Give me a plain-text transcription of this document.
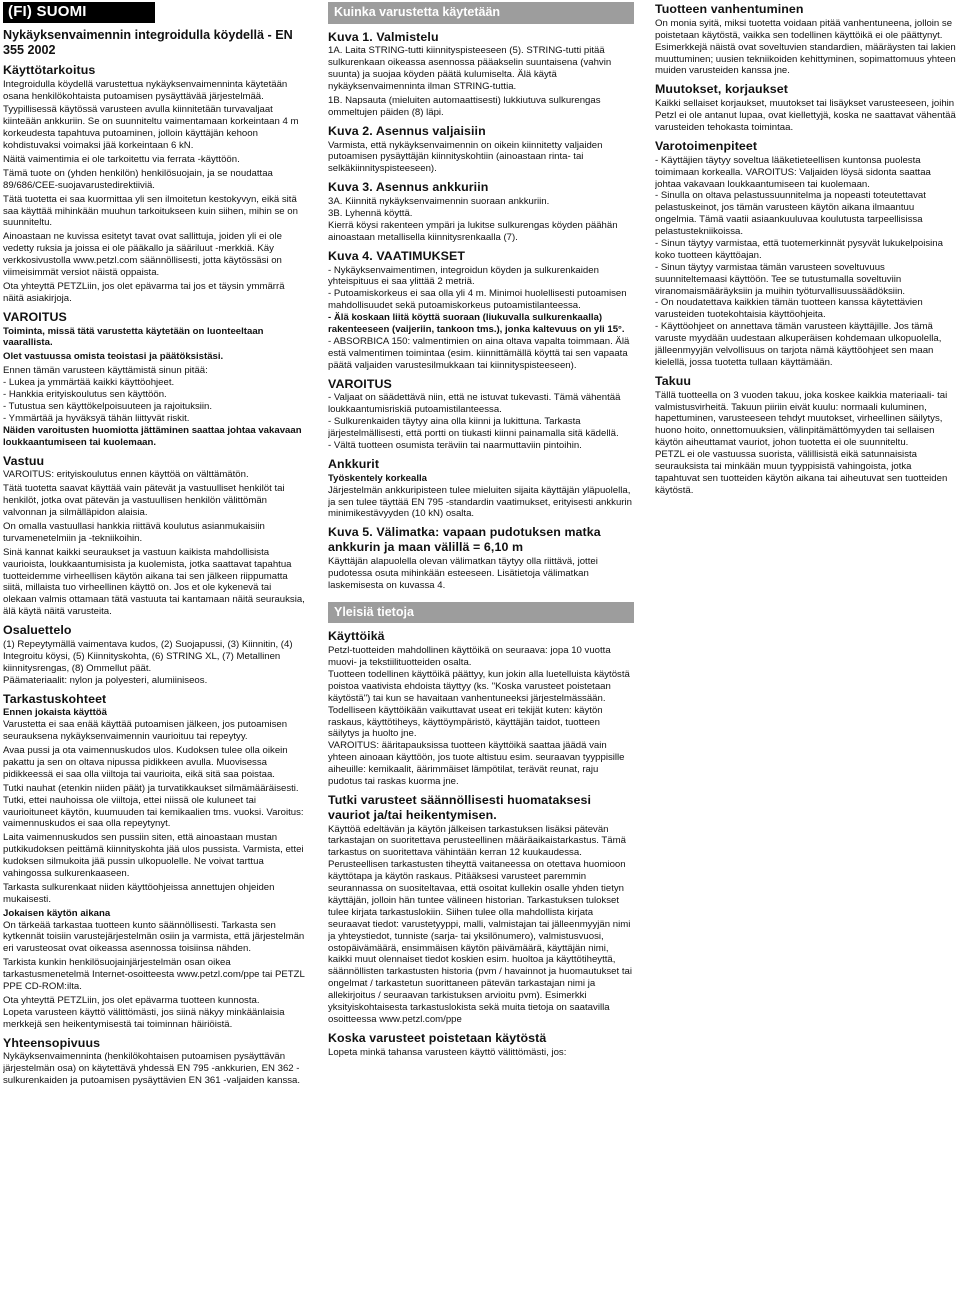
(FI) SUOMI
Nykäyksenvaimennin integroidulla köydellä - EN 355 2002
Käyttötarkoitus

Integroidulla köydellä varustettua nykäyksenvaimenninta käytetään osana henkilökohtaista putoamisen pysäyttävää järjestelmää.

Tyypillisessä käytössä varusteen avulla kiinnitetään turvavaljaat kiinteään ankkuriin. Se on suunniteltu vaimentamaan korkeintaan 4 m korkeudesta tapahtuva putoaminen, jolloin käyttäjän kehoon kohdistuvaksi voimaksi jää korkeintaan 6 kN.

Näitä vaimentimia ei ole tarkoitettu via ferrata -käyttöön.

Tämä tuote on (yhden henkilön) henkilösuojain, ja se noudattaa 89/686/CEE-suojavarustedirektiiviä.

Tätä tuotetta ei saa kuormittaa yli sen ilmoitetun kestokyvyn, eikä sitä saa käyttää mihinkään muuhun tarkoitukseen kuin siihen, mihin se on suunniteltu.

Ainoastaan ne kuvissa esitetyt tavat ovat sallittuja, joiden yli ei ole vedetty ruksia ja joissa ei ole pääkallo ja sääriluut -merkkiä. Käy verkkosivustolla www.petzl.com säännöllisesti, jotta käytössäsi on viimeisimmät versiot näistä oppaista.

Ota yhteyttä PETZLiin, jos olet epävarma tai jos et täysin ymmärrä näitä asiakirjoja.

VAROITUS

Toiminta, missä tätä varustetta käytetään on luonteeltaan vaarallista.

Olet vastuussa omista teoistasi ja päätöksistäsi.

Ennen tämän varusteen käyttämistä sinun pitää:

- Lukea ja ymmärtää kaikki käyttöohjeet.

- Hankkia erityiskoulutus sen käyttöön.

- Tutustua sen käyttökelpoisuuteen ja rajoituksiin.

- Ymmärtää ja hyväksyä tähän liittyvät riskit.

Näiden varoitusten huomiotta jättäminen saattaa johtaa vakavaan loukkaantumiseen tai kuolemaan.

Vastuu

VAROITUS: erityiskoulutus ennen käyttöä on välttämätön.

Tätä tuotetta saavat käyttää vain pätevät ja vastuulliset henkilöt tai henkilöt, jotka ovat pätevän ja vastuullisen henkilön välittömän valvonnan ja silmälläpidon alaisia.

On omalla vastuullasi hankkia riittävä koulutus asianmukaisiin turvamenetelmiin ja -tekniikoihin.

Sinä kannat kaikki seuraukset ja vastuun kaikista mahdollisista vaurioista, loukkaantumisista ja kuolemista, jotka saattavat tapahtua tuotteidemme virheellisen käytön aikana tai sen jälkeen riippumatta siitä, millaista tuo virheellinen käyttö on. Jos et ole kykenevä tai olekaan valmis ottamaan tätä vastuuta tai kantamaan näitä seurauksia, älä käytä näitä varusteita.

Osaluettelo

(1) Repeytymällä vaimentava kudos, (2) Suojapussi, (3) Kiinnitin, (4) Integroitu köysi, (5) Kiinnityskohta, (6) STRING XL, (7) Metallinen kiinnitysrengas, (8) Ommellut päät.

Päämateriaalit: nylon ja polyesteri, alumiiniseos.

Tarkastuskohteet

Ennen jokaista käyttöä

Varustetta ei saa enää käyttää putoamisen jälkeen, jos putoamisen seurauksena nykäyksenvaimennin vaurioituu tai repeytyy.

Avaa pussi ja ota vaimennuskudos ulos. Kudoksen tulee olla oikein pakattu ja sen on oltava nipussa pidikkeen avulla. Muovisessa pidikkeessä ei saa olla viiltoja tai vaurioita, eikä sitä saa poistaa.

Tutki nauhat (etenkin niiden päät) ja turvatikkaukset silmämääräisesti. Tutki, ettei nauhoissa ole viiltoja, ettei niissä ole kuluneet tai vaurioituneet käytön, kuumuuden tai kemikaalien tms. vuoksi. Varoitus: vaimennuskudos ei saa olla repeytynyt.

Laita vaimennuskudos sen pussiin siten, että ainoastaan mustan putkikudoksen peittämä kiinnityskohta jää ulos pussista. Varmista, ettei kudoksen silmukoita jää pussin ulkopuolelle. Ne voivat tarttua vahingossa sulkurenkaaseen.

Tarkasta sulkurenkaat niiden käyttöohjeissa annettujen ohjeiden mukaisesti.

Jokaisen käytön aikana

On tärkeää tarkastaa tuotteen kunto säännöllisesti. Tarkasta sen kytkennät toisiin varustejärjestelmän osiin ja varmista, että järjestelmän eri varusteosat ovat oikeassa asennossa toisiinsa nähden.

Tarkista kunkin henkilösuojainjärjestelmän osan oikea tarkastusmenetelmä Internet-osoitteesta www.petzl.com/ppe tai PETZL PPE CD-ROM:ilta.

Ota yhteyttä PETZLiin, jos olet epävarma tuotteen kunnosta.

Lopeta varusteen käyttö välittömästi, jos siinä näkyy minkäänlaisia merkkejä sen heikentymisestä tai toiminnan häiriöistä.

Yhteensopivuus

Nykäyksenvaimenninta (henkilökohtaisen putoamisen pysäyttävän järjestelmän osa) on käytettävä yhdessä EN 795 -ankkurien, EN 362 -sulkurenkaiden ja putoamisen pysäyttävien EN 361 -valjaiden kanssa.

Kuinka varustetta käytetään
Kuva 1. Valmistelu

1A. Laita STRING-tutti kiinnityspisteeseen (5). STRING-tutti pitää sulkurenkaan oikeassa asennossa pääakselin suuntaisena (vahvin suunta) ja suojaa köyden päätä kulumiselta. Älä käytä nykäyksenvaimenninta ilman STRING-tuttia.

1B. Napsauta (mieluiten automaattisesti) lukkiutuva sulkurengas ommeltujen päiden (8) läpi.

Kuva 2. Asennus valjaisiin

Varmista, että nykäyksenvaimennin on oikein kiinnitetty valjaiden putoamisen pysäyttäjän kiinnityskohtiin (ainoastaan rinta- tai selkäkiinnityspisteeseen).

Kuva 3. Asennus ankkuriin

3A. Kiinnitä nykäyksenvaimennin suoraan ankkuriin.

3B. Lyhennä köyttä.

Kierrä köysi rakenteen ympäri ja lukitse sulkurengas köyden päähän ainoastaan metallisella kiinnitysrenkaalla (7).

Kuva 4. VAATIMUKSET

- Nykäyksenvaimentimen, integroidun köyden ja sulkurenkaiden yhteispituus ei saa ylittää 2 metriä.

- Putoamiskorkeus ei saa olla yli 4 m. Minimoi huolellisesti putoamisen mahdollisuudet sekä putoamiskorkeus putoamistilanteessa.

- Älä koskaan liitä köyttä suoraan (liukuvalla sulkurenkaalla) rakenteeseen (vaijeriin, tankoon tms.), jonka kaltevuus on yli 15°.

- ABSORBICA 150: valmentimien on aina oltava vapalta toimmaan. Älä estä valmentimen toimintaa (esim. kiinnittämällä köyttä tai sen vapaata päätä valjaiden varustesilmukkaan tai kiinnityspisteeseen).

VAROITUS

- Valjaat on säädettävä niin, että ne istuvat tukevasti. Tämä vähentää loukkaantumisriskiä putoamistilanteessa.

- Sulkurenkaiden täytyy aina olla kiinni ja lukittuna. Tarkasta järjestelmällisesti, että portti on tiukasti kiinni painamalla sitä kädellä.

- Vältä tuotteen osumista teräviin tai naarmuttaviin pintoihin.

Ankkurit

Työskentely korkealla

Järjestelmän ankkuripisteen tulee mieluiten sijaita käyttäjän yläpuolella, ja sen tulee täyttää EN 795 -standardin vaatimukset, erityisesti ankkurin minimikestävyyden (10 kN) osalta.

Kuva 5. Välimatka: vapaan pudotuksen matka ankkurin ja maan välillä = 6,10 m

Käyttäjän alapuolella olevan välimatkan täytyy olla riittävä, jottei pudotessa osuta mihinkään esteeseen. Lisätietoja välimatkan laskemisesta on kuvassa 4.

Yleisiä tietoja
Käyttöikä

Petzl-tuotteiden mahdollinen käyttöikä on seuraava: jopa 10 vuotta muovi- ja tekstiilituotteiden osalta.

Tuotteen todellinen käyttöikä päättyy, kun jokin alla luetelluista käytöstä poistoa vaativista ehdoista täyttyy (ks. "Koska varusteet poistetaan käytöstä") tai kun se havaitaan vanhentuneeksi järjestelmässään.

Todelliseen käyttöikään vaikuttavat useat eri tekijät kuten: käytön raskaus, käyttötiheys, käyttöympäristö, käyttäjän taidot, tuotteen säilytys ja huolto jne.

VAROITUS: ääritapauksissa tuotteen käyttöikä saattaa jäädä vain yhteen ainoaan käyttöön, jos tuote altistuu esim. seuraavan tyyppisille aiheuille: kemikaalit, äärimmäiset lämpötilat, terävät reunat, raju pudotus tai raskas kuorma jne.

Tutki varusteet säännöllisesti huomataksesi vauriot ja/tai heikentymisen.

Käyttöä edeltävän ja käytön jälkeisen tarkastuksen lisäksi pätevän tarkastajan on suoritettava perusteellinen määräaikaistarkastus. Tämä tarkastus on suoritettava vähintään kerran 12 kuukaudessa.

Perusteellisen tarkastusten tiheyttä vaitaneessa on otettava huomioon käyttötapa ja käytön raskaus. Pitääksesi varusteet paremmin seurannassa on suositeltavaa, että osoitat kullekin osalle yhden tietyn käyttäjän, jolloin hän tuntee välineen historian. Tarkastuksen tulokset tulee kirjata tarkastuslokiin. Siihen tulee olla mahdollista kirjata seuraavat tiedot: varustetyyppi, malli, valmistajan tai jälleenmyyjän nimi ja yhteystiedot, tunniste (sarja- tai yksilönumero), valmistusvuosi, ostopäivämäärä, ensimmäisen käytön päivämäärä, käyttäjän nimi, kaikki muut olennaiset tiedot koskien esim. huoltoa ja käyttötiheyttä, säännöllisten tarkastusten historia (pvm / havainnot ja huomautukset tai ongelmat / tarkastetun suorittaneen pätevän tarkastajan nimi ja allekirjoitus / seuraavan tarkistuksen arvioitu pvm). Esimerkki yksityiskohtaisesta tarkastuslokista sekä muita tietoja on saatavilla osoitteessa www.petzl.com/ppe

Koska varusteet poistetaan käytöstä

Lopeta minkä tahansa varusteen käyttö välittömästi, jos:

Tuotteen vanhentuminen

On monia syitä, miksi tuotetta voidaan pitää vanhentuneena, jolloin se poistetaan käytöstä, vaikka sen todellinen käyttöikä ei ole päättynyt. Esimerkkejä näistä ovat soveltuvien standardien, määräysten tai lakien muuttuminen; uusien tekniikoiden kehittyminen, sopimattomuus yhteen muiden varusteiden kanssa jne.

Muutokset, korjaukset

Kaikki sellaiset korjaukset, muutokset tai lisäykset varusteeseen, joihin Petzl ei ole antanut lupaa, ovat kiellettyjä, koska ne saattavat vähentää varusteiden tehokasta toimintaa.

Varotoimenpiteet

- Käyttäjien täytyy soveltua lääketieteellisen kuntonsa puolesta toimimaan korkealla. VAROITUS: Valjaiden löysä sidonta saattaa johtaa vakavaan loukkaantumiseen tai kuolemaan.

- Sinulla on oltava pelastussuunnitelma ja nopeasti toteutettavat pelastuskeinot, jos tämän varusteen käytön aikana ilmaantuu ongelmia. Tämä vaatii asiaankuuluvaa koulutusta tarpeellisissa pelastustekniikoissa.

- Sinun täytyy varmistaa, että tuotemerkinnät pysyvät lukukelpoisina koko tuotteen käyttöajan.

- Sinun täytyy varmistaa tämän varusteen soveltuvuus suunniteltemaasi käyttöön. Tee se tutustumalla soveltuviin viranomaismääräyksiin ja muihin työturvallisuussäädöksiin.

- On noudatettava kaikkien tämän tuotteen kanssa käytettävien varusteiden tuotekohtaisia käyttöohjeita.

- Käyttöohjeet on annettava tämän varusteen käyttäjille. Jos tämä varuste myydään uudestaan alkuperäisen kohdemaan ulkopuolella, jälleenmyyjän velvollisuus on tarjota nämä käyttöohjeet sen maan kielellä, jossa tuotetta tullaan käyttämään.

Takuu

Tällä tuotteella on 3 vuoden takuu, joka koskee kaikkia materiaali- tai valmistusvirheitä. Takuun piiriin eivät kuulu: normaali kuluminen, hapettuminen, varusteeseen tehdyt muutokset, virheellinen säilytys, huono hoito, onnettomuuksien, välinpitämättömyyden tai sellaisen käytön aiheuttamat vauriot, johon tuotetta ei ole suunniteltu.

PETZL ei ole vastuussa suorista, välillisistä eikä satunnaisista seurauksista tai minkään muun tyyppisistä vahingoista, jotka tapahtuvat sen tuotteiden käytön aikana tai aiheutuvat sen tuotteiden käytöstä.
